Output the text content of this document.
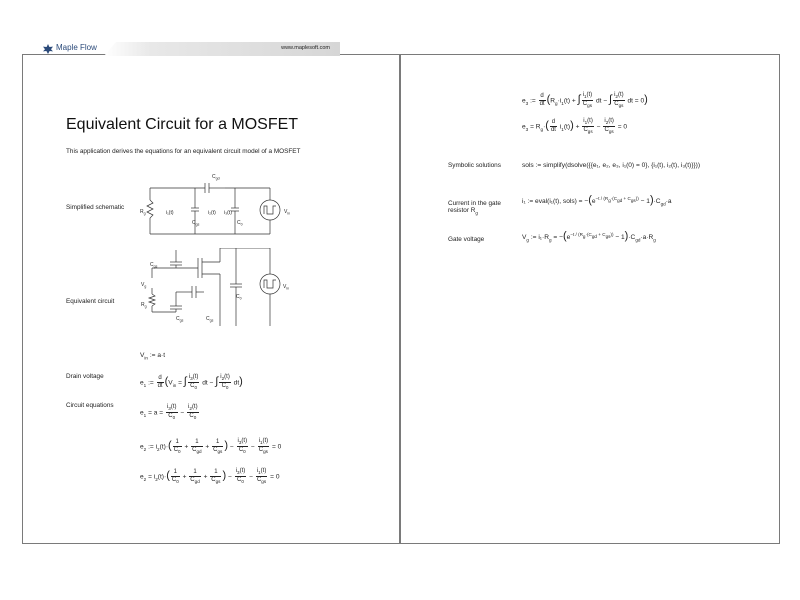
Maple Flow	www.maplesoft.com
Equivalent Circuit for a MOSFET
This application derives the equations for an equivalent circuit model of a MOSFET
Simplified schematic
$C_{gd}$
$R_g$	i₁(t)
$C_{gs}$
i₂(t) i₃(t)
$C_0$
$V_{in}$
Equivalent circuit
$C_{gs}$
$V_g$
$R_g$
$C_{gs}$
$C_0$
$V_{in}$
$C_{gs}$
$V_{in}$ := a·t
Drain voltage
Circuit equations
$e_1$ := $\frac{d}{dt} (V_{in}$ = ∫ $\frac{i_3(t)}{C_0}$ dt − ∫ $\frac{i_2(t)}{C_0} dt$)
$e_1 = a = \frac{i_3(t)}{C_0} - \frac{i_2(t)}{C_0}$
$e_2$ := $i_2(t)\cdot( \frac{1}{C_0} + \frac{1}{C_{gd}} + \frac{1}{C_{gs}}$ ) − $\frac{i_3(t)}{C_0} - \frac{i_1(t)}{C_{gs}} = 0$
$e_2 = i_2(t)\cdot( \frac{1}{C_0} + \frac{1}{C_{gd}} + \frac{1}{C_{gs}}$ ) − $\frac{i_3(t)}{C_0} - \frac{i_1(t)}{C_{gs}} = 0$
$e_3$ := $\frac{d}{dt} (R_g\cdot i_1(t)$ + ∫ $\frac{i_1(t)}{C_{gs}}$ dt − ∫ $\frac{i_2(t)}{C_{gs}}$ dt = 0)
$e_3 = R_g\cdot( \frac{d}{dt} i_1(t)) + \frac{i_1(t)}{C_{gs}} - \frac{i_2(t)}{C_{gs}} = 0$
Symbolic solutions	sols := simplify(dsolve({{e₁, e₂, e₃, i₁(0) = 0}, {i₁(t), i₂(t), i₃(t)}}))
Current in the gate
resistor $R_g$
i₁ := eval(i₁(t), sols) = $-(e^{-t / (R_g\cdot(C_{gd} + C_{gs}))} - 1)\cdot C_{gd}\cdot a$
Gate voltage	$V_g$ := $i_1\cdot R_g = -(e^{-t / (R_g\cdot(C_{gd} + C_{gs}))} - 1)\cdot C_{gd}\cdot a\cdot R_g$
